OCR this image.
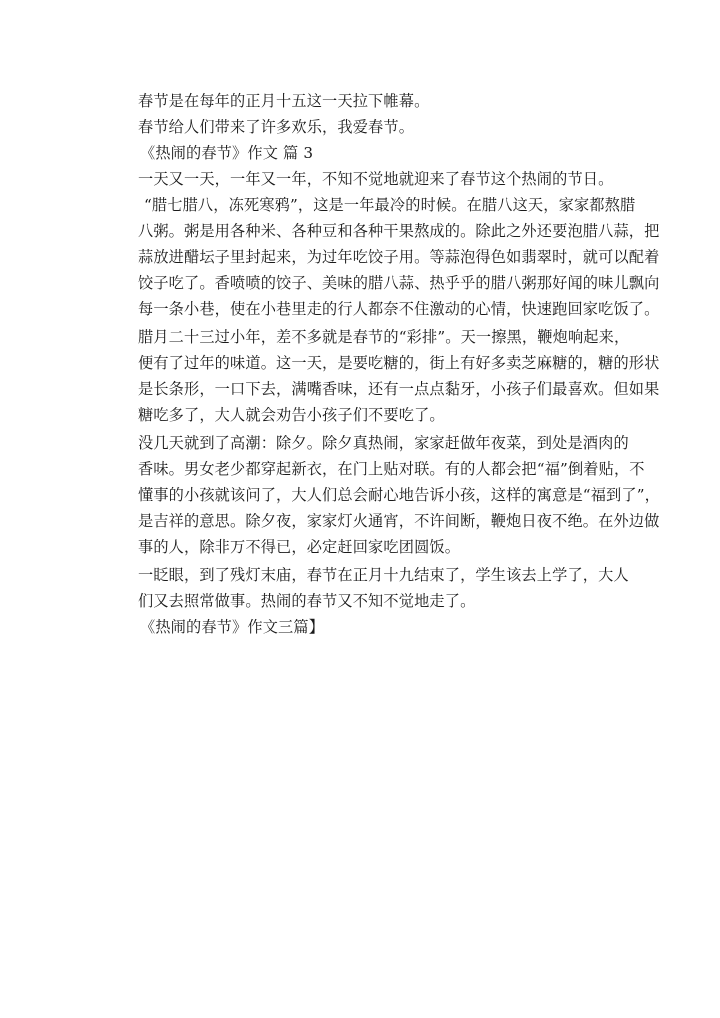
春节是在每年的正月十五这一天拉下帷幕。
春节给人们带来了许多欢乐，我爱春节。
《热闹的春节》作文 篇 3
一天又一天，一年又一年，不知不觉地就迎来了春节这个热闹的节日。
“腊七腊八，冻死寒鸦”，这是一年最冷的时候。在腊八这天，家家都熬腊
八粥。粥是用各种米、各种豆和各种干果熬成的。除此之外还要泡腊八蒜，把
蒜放进醋坛子里封起来，为过年吃饺子用。等蒜泡得色如翡翠时，就可以配着
饺子吃了。香喷喷的饺子、美味的腊八蒜、热乎乎的腊八粥那好闻的味儿飘向
每一条小巷，使在小巷里走的行人都奈不住激动的心情，快速跑回家吃饭了。
腊月二十三过小年，差不多就是春节的“彩排”。天一擦黑，鞭炮响起来，
便有了过年的味道。这一天，是要吃糖的，街上有好多卖芝麻糖的，糖的形状
是长条形，一口下去，满嘴香味，还有一点点黏牙，小孩子们最喜欢。但如果
糖吃多了，大人就会劝告小孩子们不要吃了。
没几天就到了高潮：除夕。除夕真热闹，家家赶做年夜菜，到处是酒肉的
香味。男女老少都穿起新衣，在门上贴对联。有的人都会把“福”倒着贴，不
懂事的小孩就该问了，大人们总会耐心地告诉小孩，这样的寓意是“福到了”，
是吉祥的意思。除夕夜，家家灯火通宵，不许间断，鞭炮日夜不绝。在外边做
事的人，除非万不得已，必定赶回家吃团圆饭。
一眨眼，到了残灯末庙，春节在正月十九结束了，学生该去上学了，大人
们又去照常做事。热闹的春节又不知不觉地走了。
《热闹的春节》作文三篇】
